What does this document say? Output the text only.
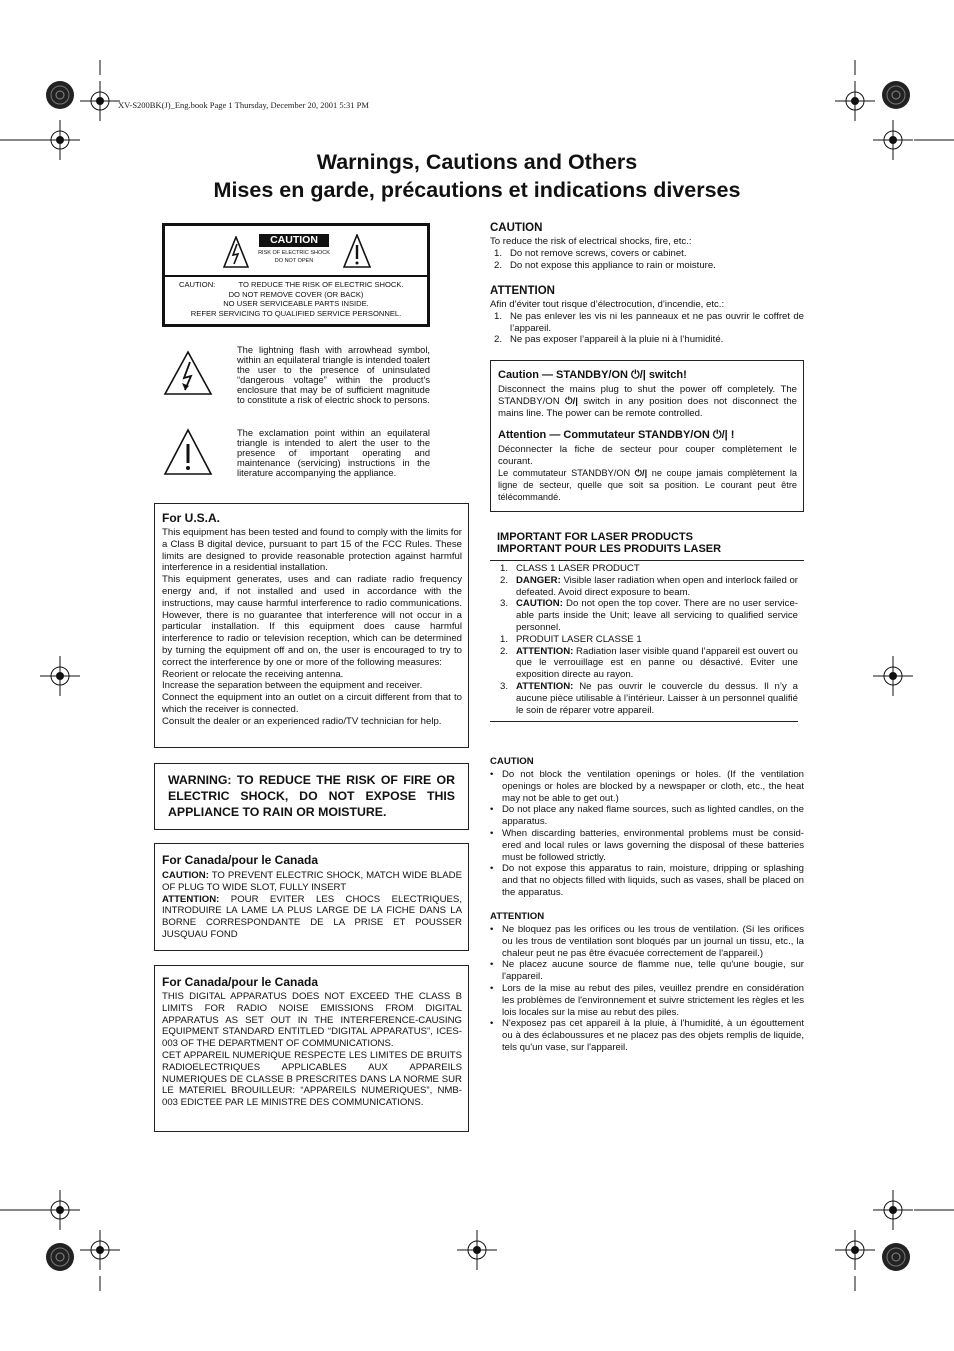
XV-S200BK(J)_Eng.book Page 1 Thursday, December 20, 2001 5:31 PM
Warnings, Cautions and Others
Mises en garde, précautions et indications diverses
CAUTION
RISK OF ELECTRIC SHOCK
DO NOT OPEN
CAUTION:	TO REDUCE THE RISK OF ELECTRIC SHOCK.
DO NOT REMOVE COVER (OR BACK)
NO USER SERVICEABLE PARTS INSIDE.
REFER SERVICING TO QUALIFIED SERVICE PERSONNEL.
The lightning flash with arrowhead symbol, within an equilateral triangle is intended toalert the user to the presence of uninsulated “dangerous voltage” within the product’s enclosure that may be of sufficient magnitude to constitute a risk of electric shock to persons.
The exclamation point within an equilateral triangle is intended to alert the user to the presence of important operating and maintenance (servicing) instructions in the literature accompanying the appliance.
For U.S.A.
This equipment has been tested and found to comply with the limits for a Class B digital device, pursuant to part 15 of the FCC Rules. These limits are designed to provide reasonable protection against harmful interference in a residential installation.
This equipment generates, uses and can radiate radio frequency energy and, if not installed and used in accordance with the instructions, may cause harmful interference to radio communications. However, there is no guarantee that interference will not occur in a particular installation. If this equipment does cause harmful interference to radio or television reception, which can be determined by turning the equipment off and on, the user is encouraged to try to correct the interference by one or more of the following measures:
Reorient or relocate the receiving antenna.
Increase the separation between the equipment and receiver.
Connect the equipment into an outlet on a circuit different from that to which the receiver is connected.
Consult the dealer or an experienced radio/TV technician for help.
WARNING: TO REDUCE THE RISK OF FIRE OR ELECTRIC SHOCK, DO NOT EXPOSE THIS APPLIANCE TO RAIN OR MOISTURE.
For Canada/pour le Canada
CAUTION: TO PREVENT ELECTRIC SHOCK, MATCH WIDE BLADE OF PLUG TO WIDE SLOT, FULLY INSERT
ATTENTION: POUR EVITER LES CHOCS ELECTRIQUES, INTRODUIRE LA LAME LA PLUS LARGE DE LA FICHE DANS LA BORNE CORRESPONDANTE DE LA PRISE ET POUSSER JUSQUAU FOND
For Canada/pour le Canada
THIS DIGITAL APPARATUS DOES NOT EXCEED THE CLASS B LIMITS FOR RADIO NOISE EMISSIONS FROM DIGITAL APPARATUS AS SET OUT IN THE INTERFERENCE-CAUSING EQUIPMENT STANDARD ENTITLED “DIGITAL APPARATUS”, ICES-003 OF THE DEPARTMENT OF COMMUNICATIONS.
CET APPAREIL NUMERIQUE RESPECTE LES LIMITES DE BRUITS RADIOELECTRIQUES APPLICABLES AUX APPAREILS NUMERIQUES DE CLASSE B PRESCRITES DANS LA NORME SUR LE MATERIEL BROUILLEUR: “APPAREILS NUMERIQUES”, NMB-003 EDICTEE PAR LE MINISTRE DES COMMUNICATIONS.
CAUTION
To reduce the risk of electrical shocks, fire, etc.:
1. Do not remove screws, covers or cabinet.
2. Do not expose this appliance to rain or moisture.
ATTENTION
Afin d’éviter tout risque d’électrocution, d’incendie, etc.:
1. Ne pas enlever les vis ni les panneaux et ne pas ouvrir le coffret de l’appareil.
2. Ne pas exposer l’appareil à la pluie ni à l’humidité.
Caution — STANDBY/ON ⏻/| switch!
Disconnect the mains plug to shut the power off completely. The STANDBY/ON ⏻/| switch in any position does not disconnect the mains line. The power can be remote controlled.
Attention — Commutateur STANDBY/ON ⏻/| !
Déconnecter la fiche de secteur pour couper complètement le courant.
Le commutateur STANDBY/ON ⏻/| ne coupe jamais complètement la ligne de secteur, quelle que soit sa position. Le courant peut être télécommandé.
IMPORTANT FOR LASER PRODUCTS
IMPORTANT POUR LES PRODUITS LASER
1. CLASS 1 LASER PRODUCT
2. DANGER: Visible laser radiation when open and interlock failed or defeated. Avoid direct exposure to beam.
3. CAUTION: Do not open the top cover. There are no user service-able parts inside the Unit; leave all servicing to qualified service personnel.
1. PRODUIT LASER CLASSE 1
2. ATTENTION: Radiation laser visible quand l’appareil est ouvert ou que le verrouillage est en panne ou désactivé. Eviter une exposition directe au rayon.
3. ATTENTION: Ne pas ouvrir le couvercle du dessus. Il n’y a aucune pièce utilisable à l’intérieur. Laisser à un personnel qualifié le soin de réparer votre appareil.
CAUTION
• Do not block the ventilation openings or holes. (If the ventilation openings or holes are blocked by a newspaper or cloth, etc., the heat may not be able to get out.)
• Do not place any naked flame sources, such as lighted candles, on the apparatus.
• When discarding batteries, environmental problems must be consid-ered and local rules or laws governing the disposal of these batteries must be followed strictly.
• Do not expose this apparatus to rain, moisture, dripping or splashing and that no objects filled with liquids, such as vases, shall be placed on the apparatus.
ATTENTION
• Ne bloquez pas les orifices ou les trous de ventilation. (Si les orifices ou les trous de ventilation sont bloqués par un journal un tissu, etc., la chaleur peut ne pas être évacuée correctement de l'appareil.)
• Ne placez aucune source de flamme nue, telle qu'une bougie, sur l'appareil.
• Lors de la mise au rebut des piles, veuillez prendre en considération les problèmes de l'environnement et suivre strictement les règles et les lois locales sur la mise au rebut des piles.
• N'exposez pas cet appareil à la pluie, à l'humidité, à un égouttement ou à des éclaboussures et ne placez pas des objets remplis de liquide, tels qu'un vase, sur l'appareil.
